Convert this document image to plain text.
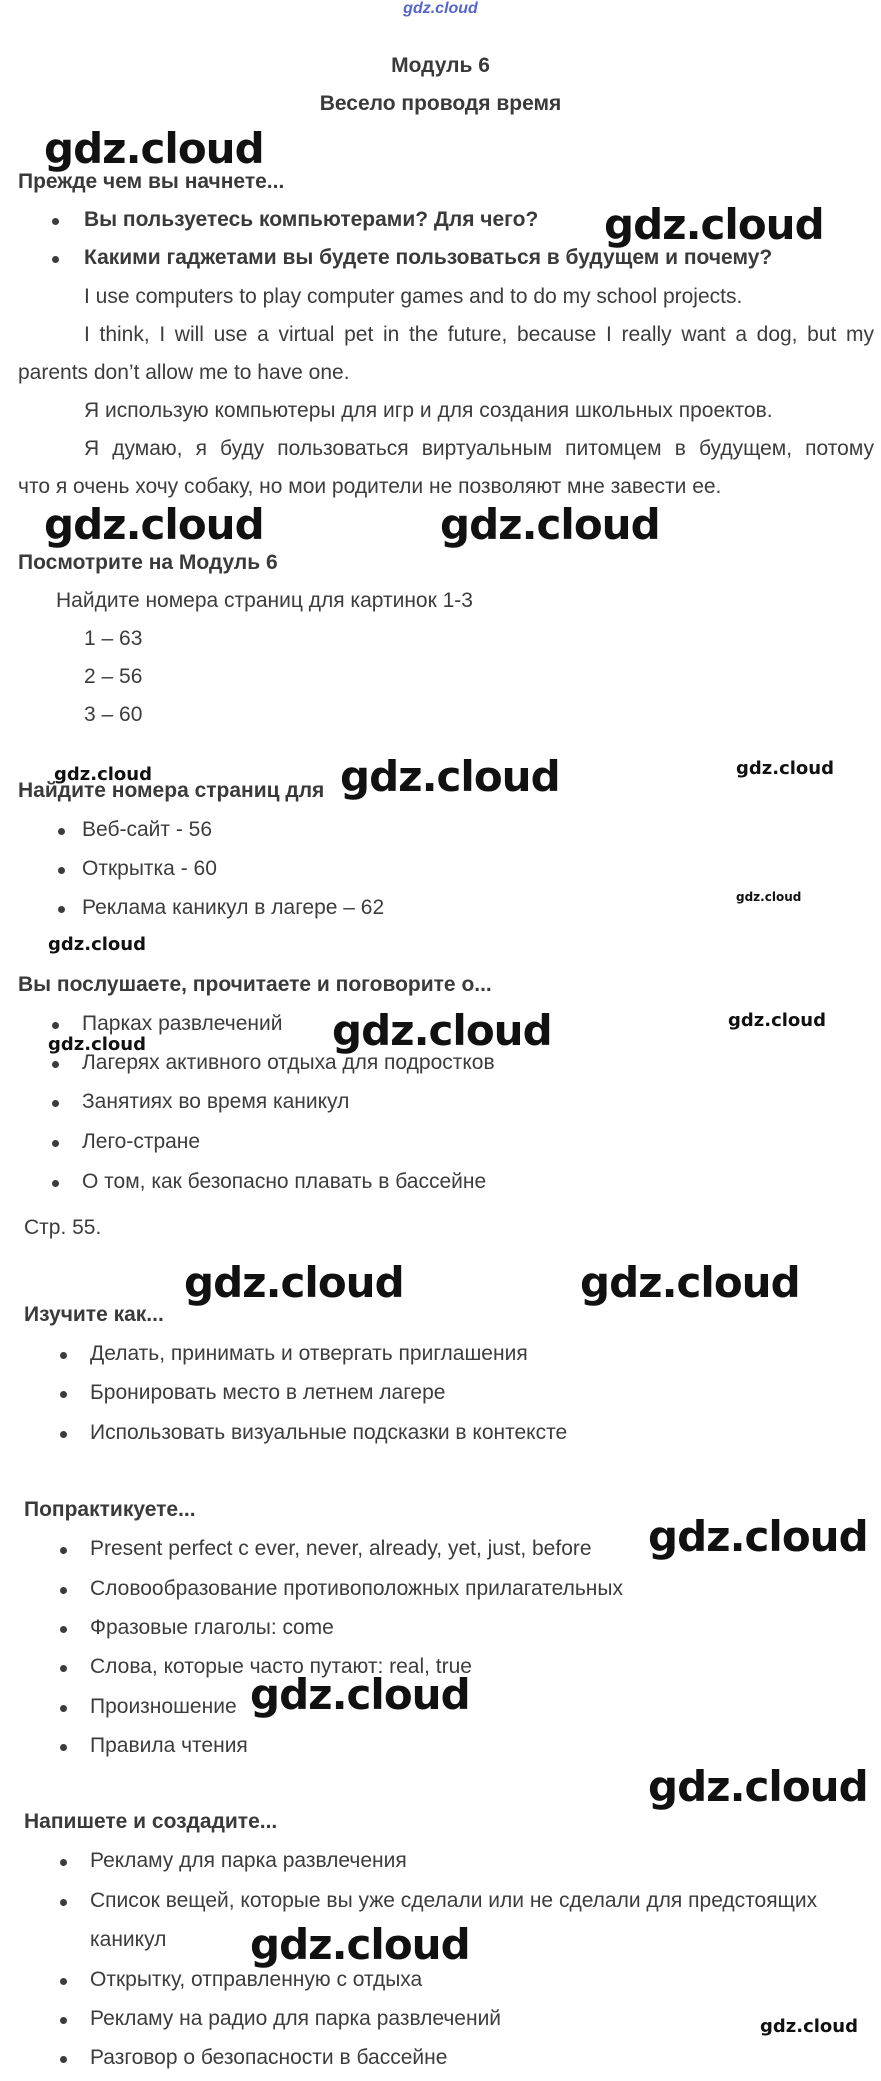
gdz.cloud
Модуль 6
Весело проводя время
Прежде чем вы начнете...
Вы пользуетесь компьютерами? Для чего?
Какими гаджетами вы будете пользоваться в будущем и почему?
I use computers to play computer games and to do my school projects.
I think, I will use a virtual pet in the future, because I really want a dog, but my
parents don’t allow me to have one.
Я использую компьютеры для игр и для создания школьных проектов.
Я думаю, я буду пользоваться виртуальным питомцем в будущем, потому
что я очень хочу собаку, но мои родители не позволяют мне завести ее.
Посмотрите на Модуль 6
Найдите номера страниц для картинок 1-3
1 – 63
2 – 56
3 – 60
Найдите номера страниц для
Веб-сайт - 56
Открытка - 60
Реклама каникул в лагере – 62
Вы послушаете, прочитаете и поговорите о...
Парках развлечений
Лагерях активного отдыха для подростков
Занятиях во время каникул
Лего-стране
О том, как безопасно плавать в бассейне
Стр. 55.
Изучите как...
Делать, принимать и отвергать приглашения
Бронировать место в летнем лагере
Использовать визуальные подсказки в контексте
Попрактикуете...
Present perfect с ever, never, already, yet, just, before
Словообразование противоположных прилагательных
Фразовые глаголы: come
Слова, которые часто путают: real, true
Произношение
Правила чтения
Напишете и создадите...
Рекламу для парка развлечения
Список вещей, которые вы уже сделали или не сделали для предстоящих
каникул
Открытку, отправленную с отдыха
Рекламу на радио для парка развлечений
Разговор о безопасности в бассейне
gdz.cloud
gdz.cloud
gdz.cloud	gdz.cloud
gdz.cloud	gdz.cloud	gdz.cloud
gdz.cloud
gdz.cloud
gdz.cloud	gdz.cloud
gdz.cloud
gdz.cloud	gdz.cloud
gdz.cloud
gdz.cloud
gdz.cloud
gdz.cloud
gdz.cloud
